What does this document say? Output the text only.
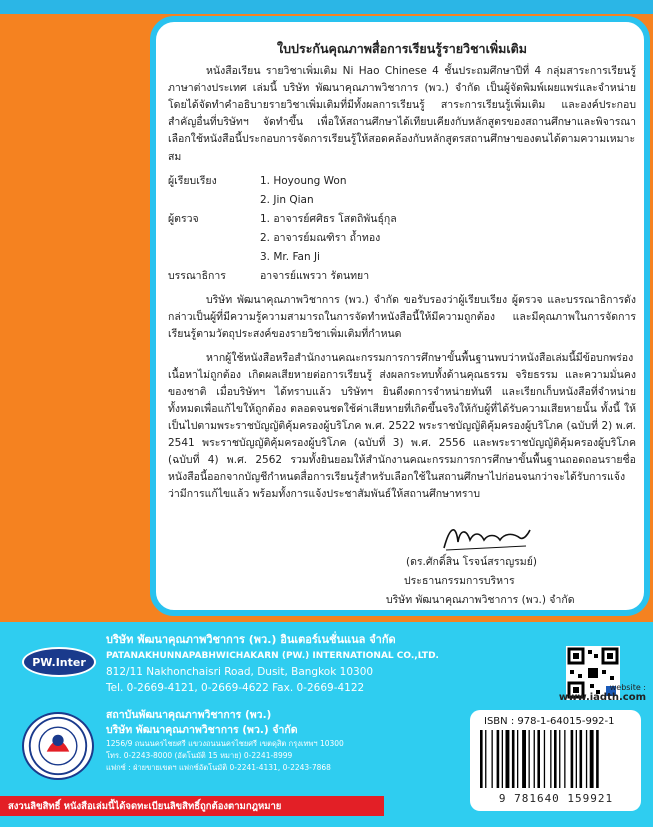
ใบประกันคุณภาพสื่อการเรียนรู้รายวิชาเพิ่มเติม

หนังสือเรียน รายวิชาเพิ่มเติม Ni Hao Chinese 4 ชั้นประถมศึกษาปีที่ 4 กลุ่มสาระการเรียนรู้ภาษาต่างประเทศ เล่มนี้ บริษัท พัฒนาคุณภาพวิชาการ (พว.) จำกัด เป็นผู้จัดพิมพ์เผยแพร่และจำหน่าย โดยได้จัดทำคำอธิบายรายวิชาเพิ่มเติมที่มีทั้งผลการเรียนรู้ สาระการเรียนรู้เพิ่มเติม และองค์ประกอบสำคัญอื่นที่บริษัทฯ จัดทำขึ้น เพื่อให้สถานศึกษาได้เทียบเคียงกับหลักสูตรของสถานศึกษาและพิจารณาเลือกใช้หนังสือนี้ประกอบการจัดการเรียนรู้ให้สอดคล้องกับหลักสูตรสถานศึกษาของตนได้ตามความเหมาะสม

ผู้เรียบเรียง	1. Hoyoung Won
	2. Jin Qian
ผู้ตรวจ	1. อาจารย์ศศิธร โสตถิพันธุ์กุล
	2. อาจารย์มณฑิรา ถ้ำทอง
	3. Mr. Fan Ji
บรรณาธิการ	อาจารย์แพรวา รัตนทยา

บริษัท พัฒนาคุณภาพวิชาการ (พว.) จำกัด ขอรับรองว่าผู้เรียบเรียง ผู้ตรวจ และบรรณาธิการดังกล่าวเป็นผู้ที่มีความรู้ความสามารถในการจัดทำหนังสือนี้ให้มีความถูกต้อง และมีคุณภาพในการจัดการเรียนรู้ตามวัตถุประสงค์ของรายวิชาเพิ่มเติมที่กำหนด

หากผู้ใช้หนังสือหรือสำนักงานคณะกรรมการการศึกษาขั้นพื้นฐานพบว่าหนังสือเล่มนี้มีข้อบกพร่องเนื้อหาไม่ถูกต้อง เกิดผลเสียหายต่อการเรียนรู้ ส่งผลกระทบทั้งด้านคุณธรรม จริยธรรม และความมั่นคงของชาติ เมื่อบริษัทฯ ได้ทราบแล้ว บริษัทฯ ยินดีงดการจำหน่ายทันที และเรียกเก็บหนังสือที่จำหน่ายทั้งหมดเพื่อแก้ไขให้ถูกต้อง ตลอดจนชดใช้ค่าเสียหายที่เกิดขึ้นจริงให้กับผู้ที่ได้รับความเสียหายนั้น ทั้งนี้ ให้เป็นไปตามพระราชบัญญัติคุ้มครองผู้บริโภค พ.ศ. 2522 พระราชบัญญัติคุ้มครองผู้บริโภค (ฉบับที่ 2) พ.ศ. 2541 พระราชบัญญัติคุ้มครองผู้บริโภค (ฉบับที่ 3) พ.ศ. 2556 และพระราชบัญญัติคุ้มครองผู้บริโภค (ฉบับที่ 4) พ.ศ. 2562 รวมทั้งยินยอมให้สำนักงานคณะกรรมการการศึกษาขั้นพื้นฐานถอดถอนรายชื่อหนังสือนี้ออกจากบัญชีกำหนดสื่อการเรียนรู้สำหรับเลือกใช้ในสถานศึกษาไปก่อนจนกว่าจะได้รับการแจ้งว่ามีการแก้ไขแล้ว พร้อมทั้งการแจ้งประชาสัมพันธ์ให้สถานศึกษาทราบ

(ดร.ศักดิ์สิน โรจน์สราญรมย์)
ประธานกรรมการบริหาร
บริษัท พัฒนาคุณภาพวิชาการ (พว.) จำกัด
PW.Inter
บริษัท พัฒนาคุณภาพวิชาการ (พว.) อินเตอร์เนชั่นแนล จำกัด
PATANAKHUNNAPABHWICHAKARN (PW.) INTERNATIONAL CO.,LTD.
812/11 Nakhonchaisri Road, Dusit, Bangkok 10300
Tel. 0-2669-4121, 0-2669-4622 Fax. 0-2669-4122
สถาบันพัฒนาคุณภาพวิชาการ (พว.)
บริษัท พัฒนาคุณภาพวิชาการ (พว.) จำกัด
1256/9 ถนนนครไชยศรี แขวงถนนนครไชยศรี เขตดุสิต กรุงเทพฯ 10300
โทร. 0-2243-8000 (อัตโนมัติ 15 หมาย) 0-2241-8999
แฟกซ์ : ฝ่ายขายเขตฯ แฟกซ์อัตโนมัติ 0-2241-4131, 0-2243-7868
website :
www.iadth.com
ISBN : 978-1-64015-992-1
9 781640 159921
สงวนลิขสิทธิ์ หนังสือเล่มนี้ได้จดทะเบียนลิขสิทธิ์ถูกต้องตามกฎหมาย
